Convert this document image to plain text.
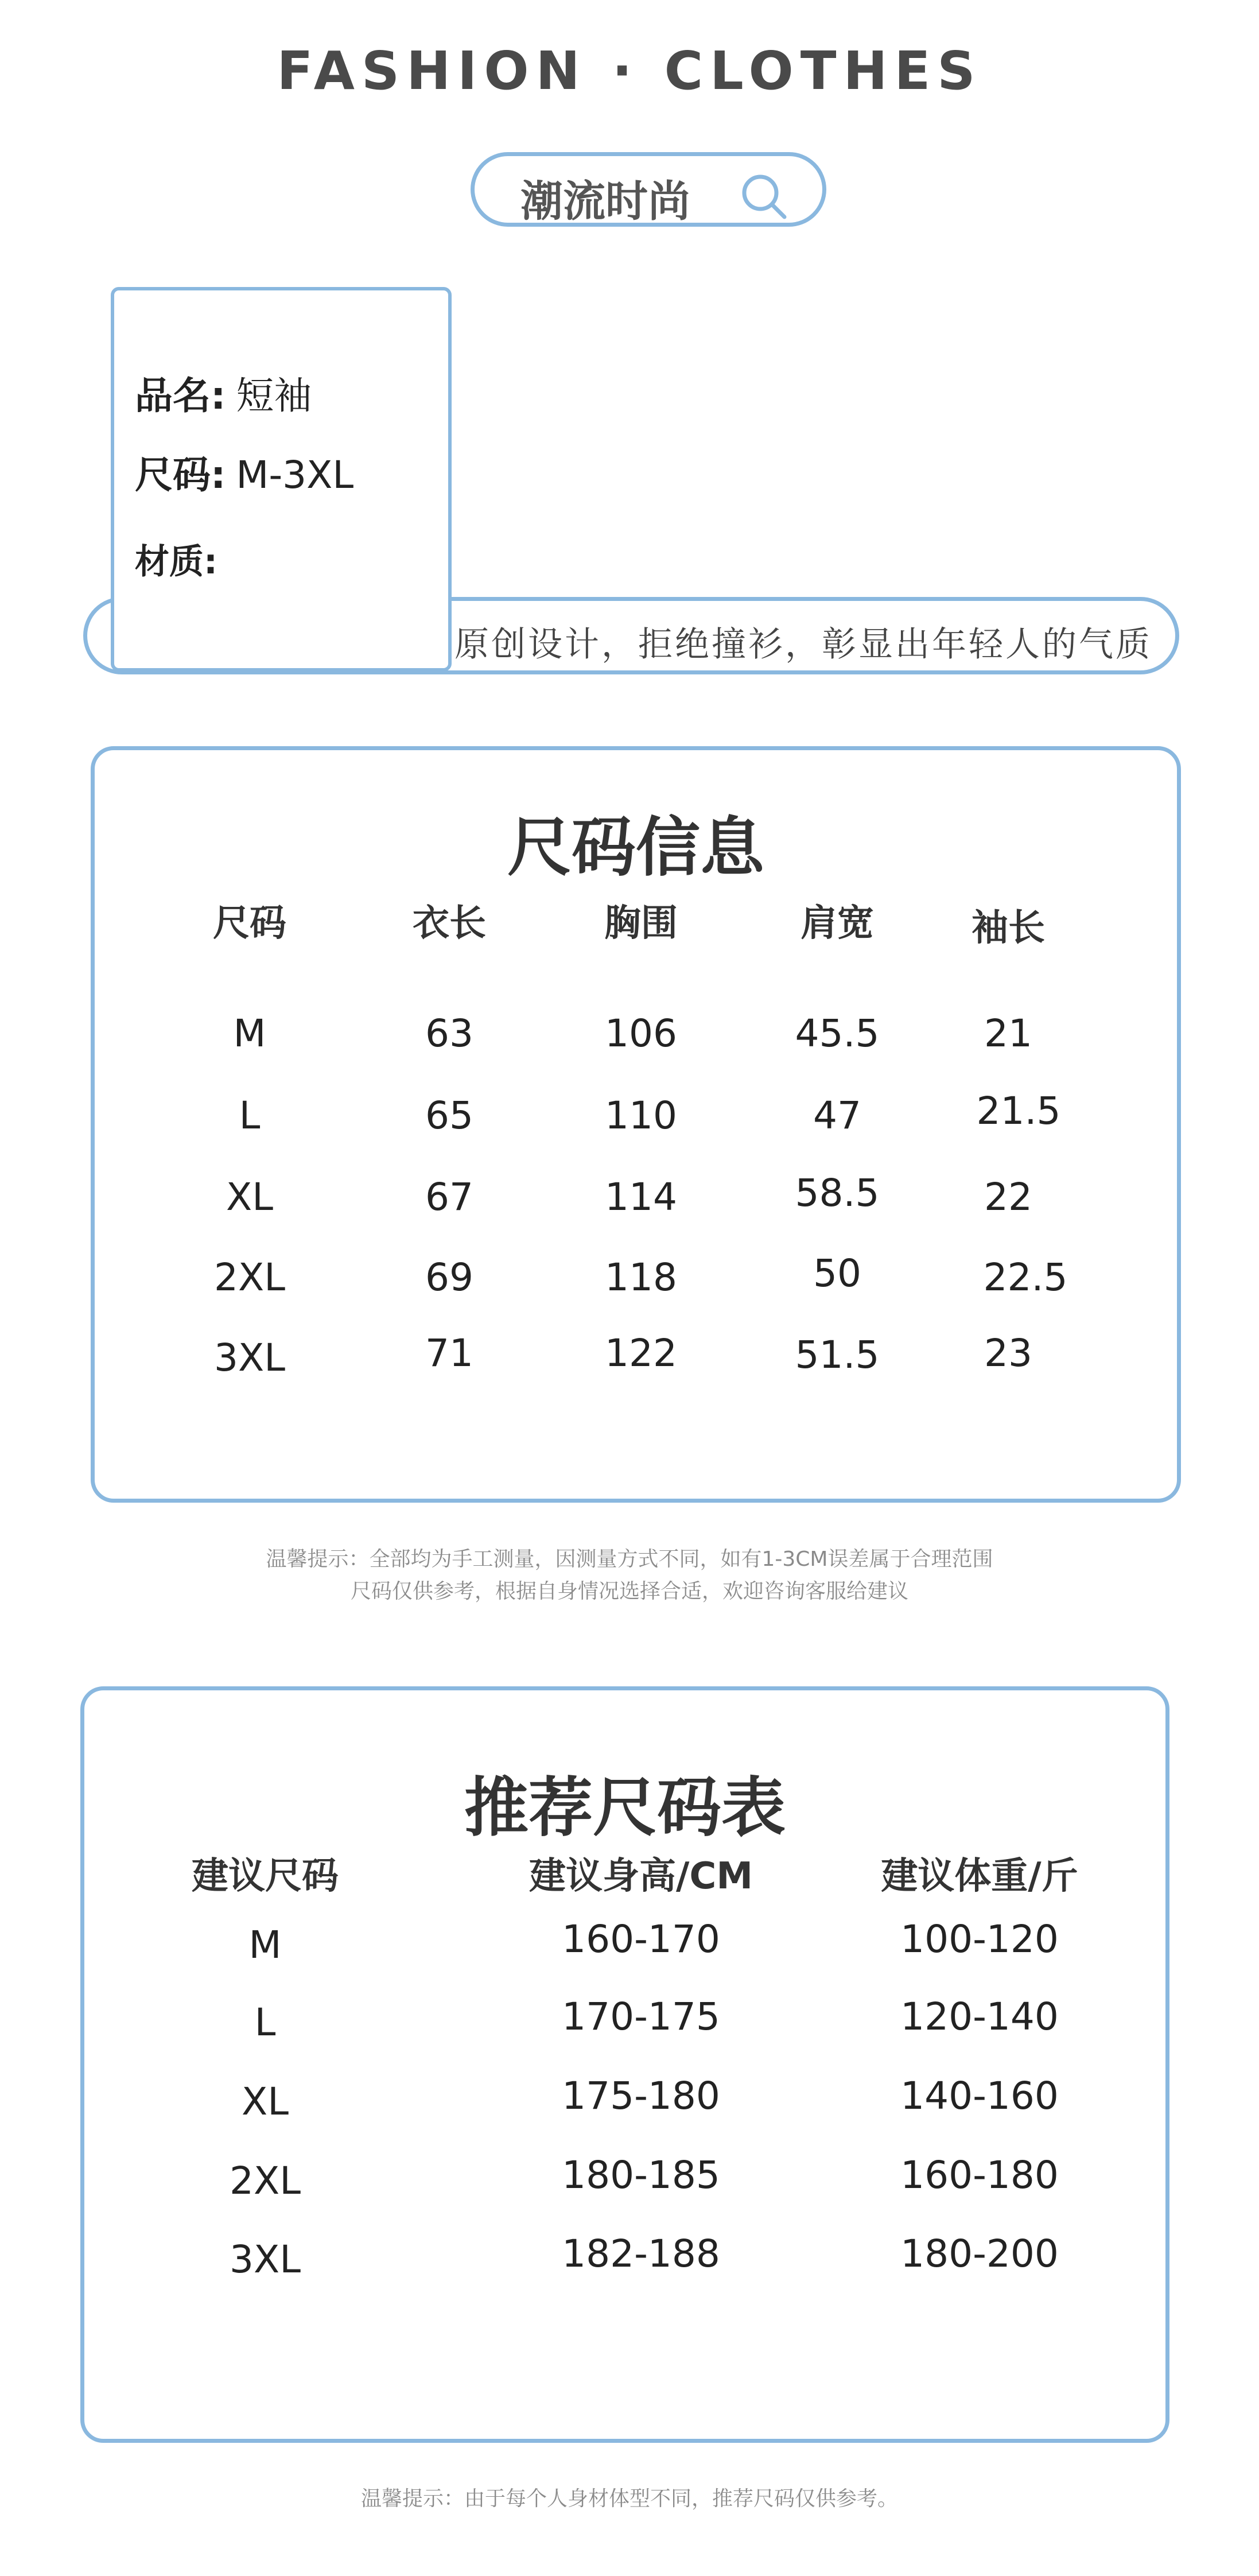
FASHION · CLOTHES
潮流时尚
原创设计，拒绝撞衫，彰显出年轻人的气质
品名: 短袖
尺码: M-3XL
材质:
尺码信息
尺码	衣长	胸围	肩宽	袖长
M	63	106	45.5	21
L	65	110	47	21.5
XL	67	114	58.5	22
2XL	69	118	50	22.5
3XL	71	122	51.5	23
温馨提示：全部均为手工测量，因测量方式不同，如有1-3CM误差属于合理范围
尺码仅供参考，根据自身情况选择合适，欢迎咨询客服给建议
推荐尺码表
建议尺码	建议身高/CM	建议体重/斤
M	160-170	100-120
L	170-175	120-140
XL	175-180	140-160
2XL	180-185	160-180
3XL	182-188	180-200
温馨提示：由于每个人身材体型不同，推荐尺码仅供参考。
